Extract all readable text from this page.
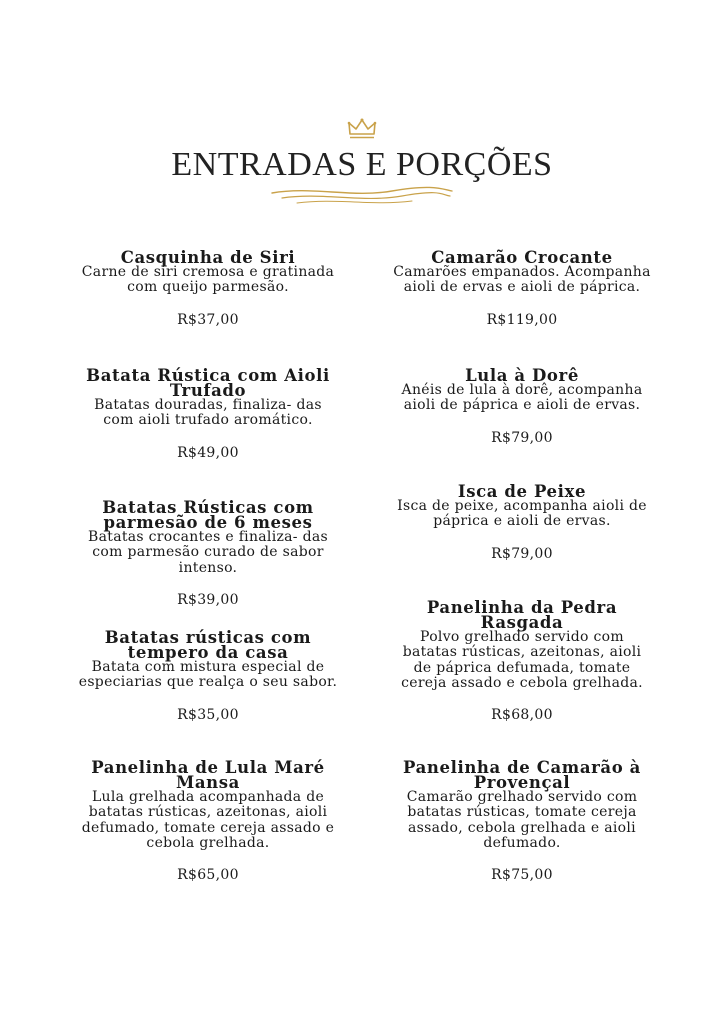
ENTRADAS E PORÇÕES
Casquinha de Siri
Carne de siri cremosa e gratinada com queijo parmesão.
R$37,00
Batata Rústica com Aioli Trufado
Batatas douradas, finaliza- das com aioli trufado aromático.
R$49,00
Batatas Rústicas com parmesão de 6 meses
Batatas crocantes e finaliza- das com parmesão curado de sabor intenso.
R$39,00
Batatas rústicas com tempero da casa
Batata com mistura especial de especiarias que realça o seu sabor.
R$35,00
Panelinha de Lula Maré Mansa
Lula grelhada acompanhada de batatas rústicas, azeitonas, aioli defumado, tomate cereja assado e cebola grelhada.
R$65,00
Camarão Crocante
Camarões empanados. Acompanha aioli de ervas e aioli de páprica.
R$119,00
Lula à Dorê
Anéis de lula à dorê, acompanha aioli de páprica e aioli de ervas.
R$79,00
Isca de Peixe
Isca de peixe, acompanha aioli de páprica e aioli de ervas.
R$79,00
Panelinha da Pedra Rasgada
Polvo grelhado servido com batatas rústicas, azeitonas, aioli de páprica defumada, tomate cereja assado e cebola grelhada.
R$68,00
Panelinha de Camarão à Provençal
Camarão grelhado servido com batatas rústicas, tomate cereja assado, cebola grelhada e aioli defumado.
R$75,00
